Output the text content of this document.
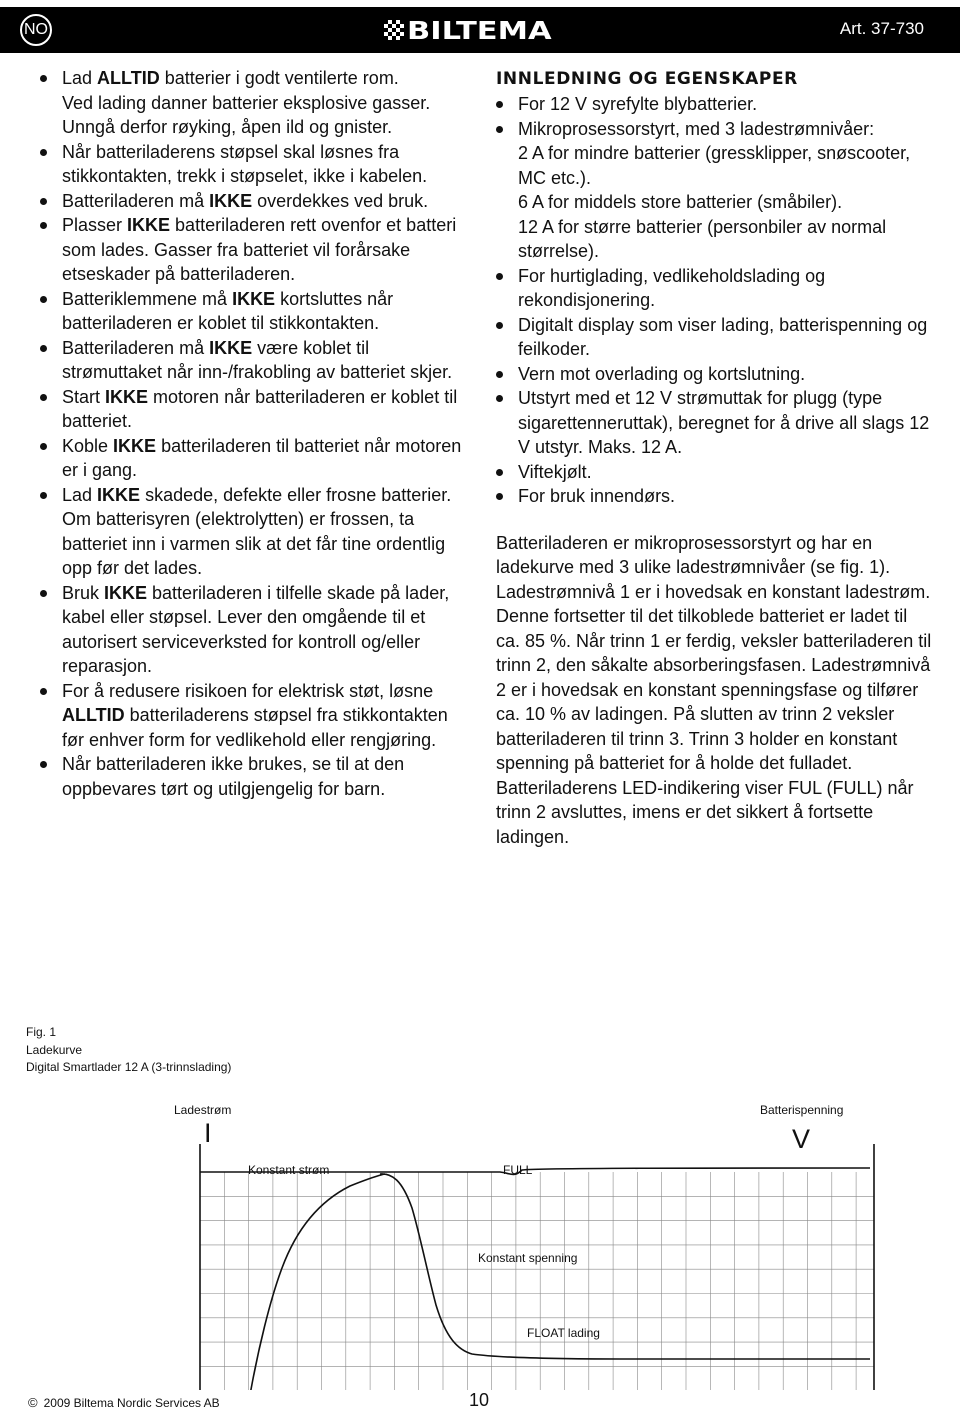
NO	BILTEMA	Art. 37-730
Lad ALLTID batterier i godt ventilerte rom.
Ved lading danner batterier eksplosive gasser. Unngå derfor røyking, åpen ild og gnister.
Når batteriladerens støpsel skal løsnes fra stikkontakten, trekk i støpselet, ikke i kabelen.
Batteriladeren må IKKE overdekkes ved bruk.
Plasser IKKE batteriladeren rett ovenfor et batteri som lades. Gasser fra batteriet vil forårsake etseskader på batteriladeren.
Batteriklemmene må IKKE kortsluttes når batteriladeren er koblet til stikkontakten.
Batteriladeren må IKKE være koblet til strømuttaket når inn-/frakobling av batteriet skjer.
Start IKKE motoren når batteriladeren er koblet til batteriet.
Koble IKKE batteriladeren til batteriet når motoren er i gang.
Lad IKKE skadede, defekte eller frosne batterier. Om batterisyren (elektrolytten) er frossen, ta batteriet inn i varmen slik at det får tine ordentlig opp før det lades.
Bruk IKKE batteriladeren i tilfelle skade på lader, kabel eller støpsel. Lever den omgående til et autorisert serviceverksted for kontroll og/eller reparasjon.
For å redusere risikoen for elektrisk støt, løsne ALLTID batteriladerens støpsel fra stikkontakten før enhver form for vedlikehold eller rengjøring.
Når batteriladeren ikke brukes, se til at den oppbevares tørt og utilgjengelig for barn.
INNLEDNING OG EGENSKAPER
For 12 V syrefylte blybatterier.
Mikroprosessorstyrt, med 3 ladestrømnivåer:
2 A for mindre batterier (gressklipper, snøscooter, MC etc.).
6 A for middels store batterier (småbiler).
12 A for større batterier (personbiler av normal størrelse).
For hurtiglading, vedlikeholdslading og rekondisjonering.
Digitalt display som viser lading, batterispenning og feilkoder.
Vern mot overlading og kortslutning.
Utstyrt med et 12 V strømuttak for plugg (type sigarettenneruttak), beregnet for å drive all slags 12 V utstyr. Maks. 12 A.
Viftekjølt.
For bruk innendørs.
Batteriladeren er mikroprosessorstyrt og har en ladekurve med 3 ulike ladestrømnivåer (se fig. 1).
Ladestrømnivå 1 er i hovedsak en konstant ladestrøm. Denne fortsetter til det tilkoblede batteriet er ladet til ca. 85 %. Når trinn 1 er ferdig, veksler batteriladeren til trinn 2, den såkalte absorberingsfasen. Ladestrømnivå 2 er i hovedsak en konstant spenningsfase og tilfører ca. 10 % av ladingen. På slutten av trinn 2 veksler batteriladeren til trinn 3. Trinn 3 holder en konstant spenning på batteriet for å holde det fulladet. Batteriladerens LED-indikering viser FUL (FULL) når trinn 2 avsluttes, imens er det sikkert å fortsette ladingen.
Fig. 1
Ladekurve
Digital Smartlader 12 A (3-trinnslading)
Ladestrøm
I
Batterispenning
V
Konstant strøm	FULL
Konstant spenning
FLOAT lading
© 2009 Biltema Nordic Services AB	10
